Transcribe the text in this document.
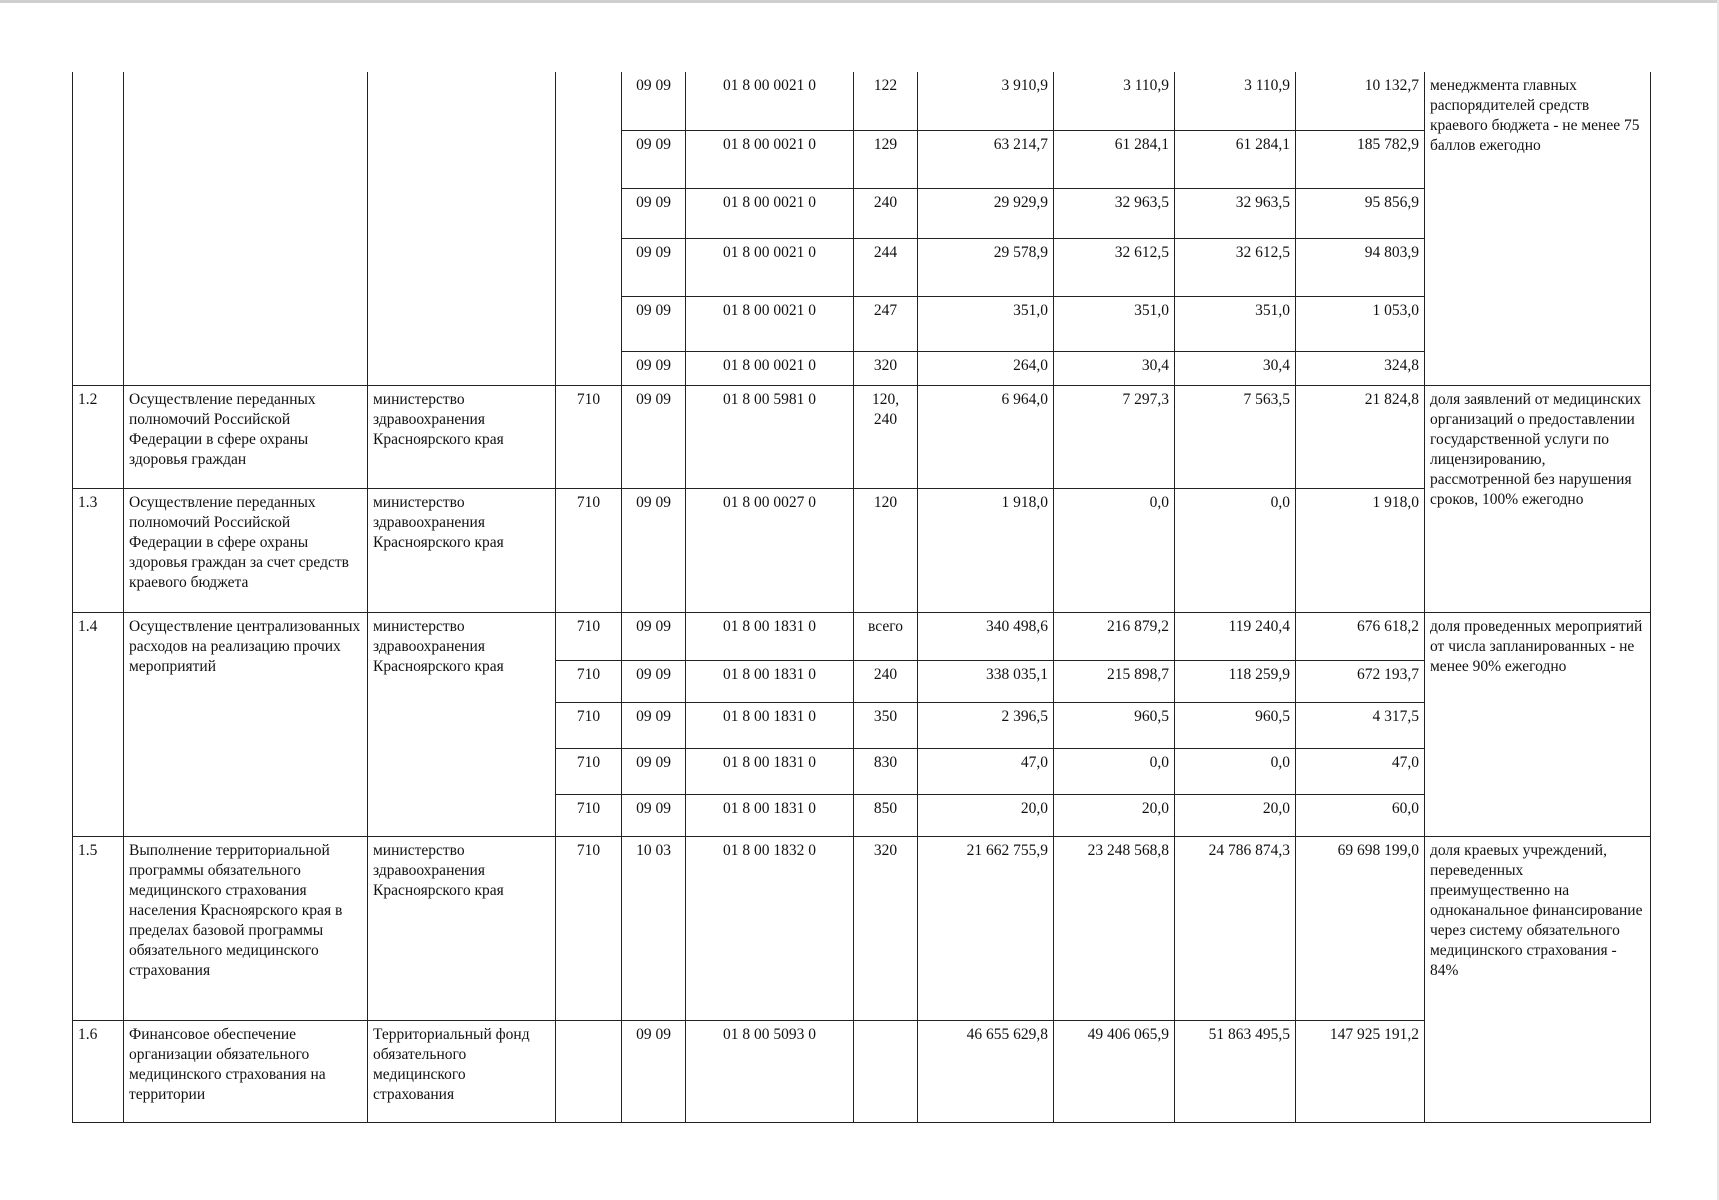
				09 09	01 8 00 0021 0	122	3 910,9	3 110,9	3 110,9	10 132,7	менеджмента главных распорядителей средств краевого бюджета - не менее 75 баллов ежегодно
				09 09	01 8 00 0021 0	129	63 214,7	61 284,1	61 284,1	185 782,9	
				09 09	01 8 00 0021 0	240	29 929,9	32 963,5	32 963,5	95 856,9	
				09 09	01 8 00 0021 0	244	29 578,9	32 612,5	32 612,5	94 803,9	
				09 09	01 8 00 0021 0	247	351,0	351,0	351,0	1 053,0	
				09 09	01 8 00 0021 0	320	264,0	30,4	30,4	324,8	
1.2	Осуществление переданных полномочий Российской Федерации в сфере охраны здоровья граждан	министерство здравоохранения Красноярского края	710	09 09	01 8 00 5981 0	120, 240	6 964,0	7 297,3	7 563,5	21 824,8	доля заявлений от медицинских организаций о предоставлении государственной услуги по лицензированию, рассмотренной без нарушения сроков, 100% ежегодно
1.3	Осуществление переданных полномочий Российской Федерации в сфере охраны здоровья граждан за счет средств краевого бюджета	министерство здравоохранения Красноярского края	710	09 09	01 8 00 0027 0	120	1 918,0	0,0	0,0	1 918,0	
1.4	Осуществление централизованных расходов на реализацию прочих мероприятий	министерство здравоохранения Красноярского края	710	09 09	01 8 00 1831 0	всего	340 498,6	216 879,2	119 240,4	676 618,2	доля проведенных мероприятий от числа запланированных - не менее 90% ежегодно
			710	09 09	01 8 00 1831 0	240	338 035,1	215 898,7	118 259,9	672 193,7	
			710	09 09	01 8 00 1831 0	350	2 396,5	960,5	960,5	4 317,5	
			710	09 09	01 8 00 1831 0	830	47,0	0,0	0,0	47,0	
			710	09 09	01 8 00 1831 0	850	20,0	20,0	20,0	60,0	
1.5	Выполнение территориальной программы обязательного медицинского страхования населения Красноярского края в пределах базовой программы обязательного медицинского страхования	министерство здравоохранения Красноярского края	710	10 03	01 8 00 1832 0	320	21 662 755,9	23 248 568,8	24 786 874,3	69 698 199,0	доля краевых учреждений, переведенных преимущественно на одноканальное финансирование через систему обязательного медицинского страхования - 84%
1.6	Финансовое обеспечение организации обязательного медицинского страхования на территории	Территориальный фонд обязательного медицинского страхования		09 09	01 8 00 5093 0		46 655 629,8	49 406 065,9	51 863 495,5	147 925 191,2	
